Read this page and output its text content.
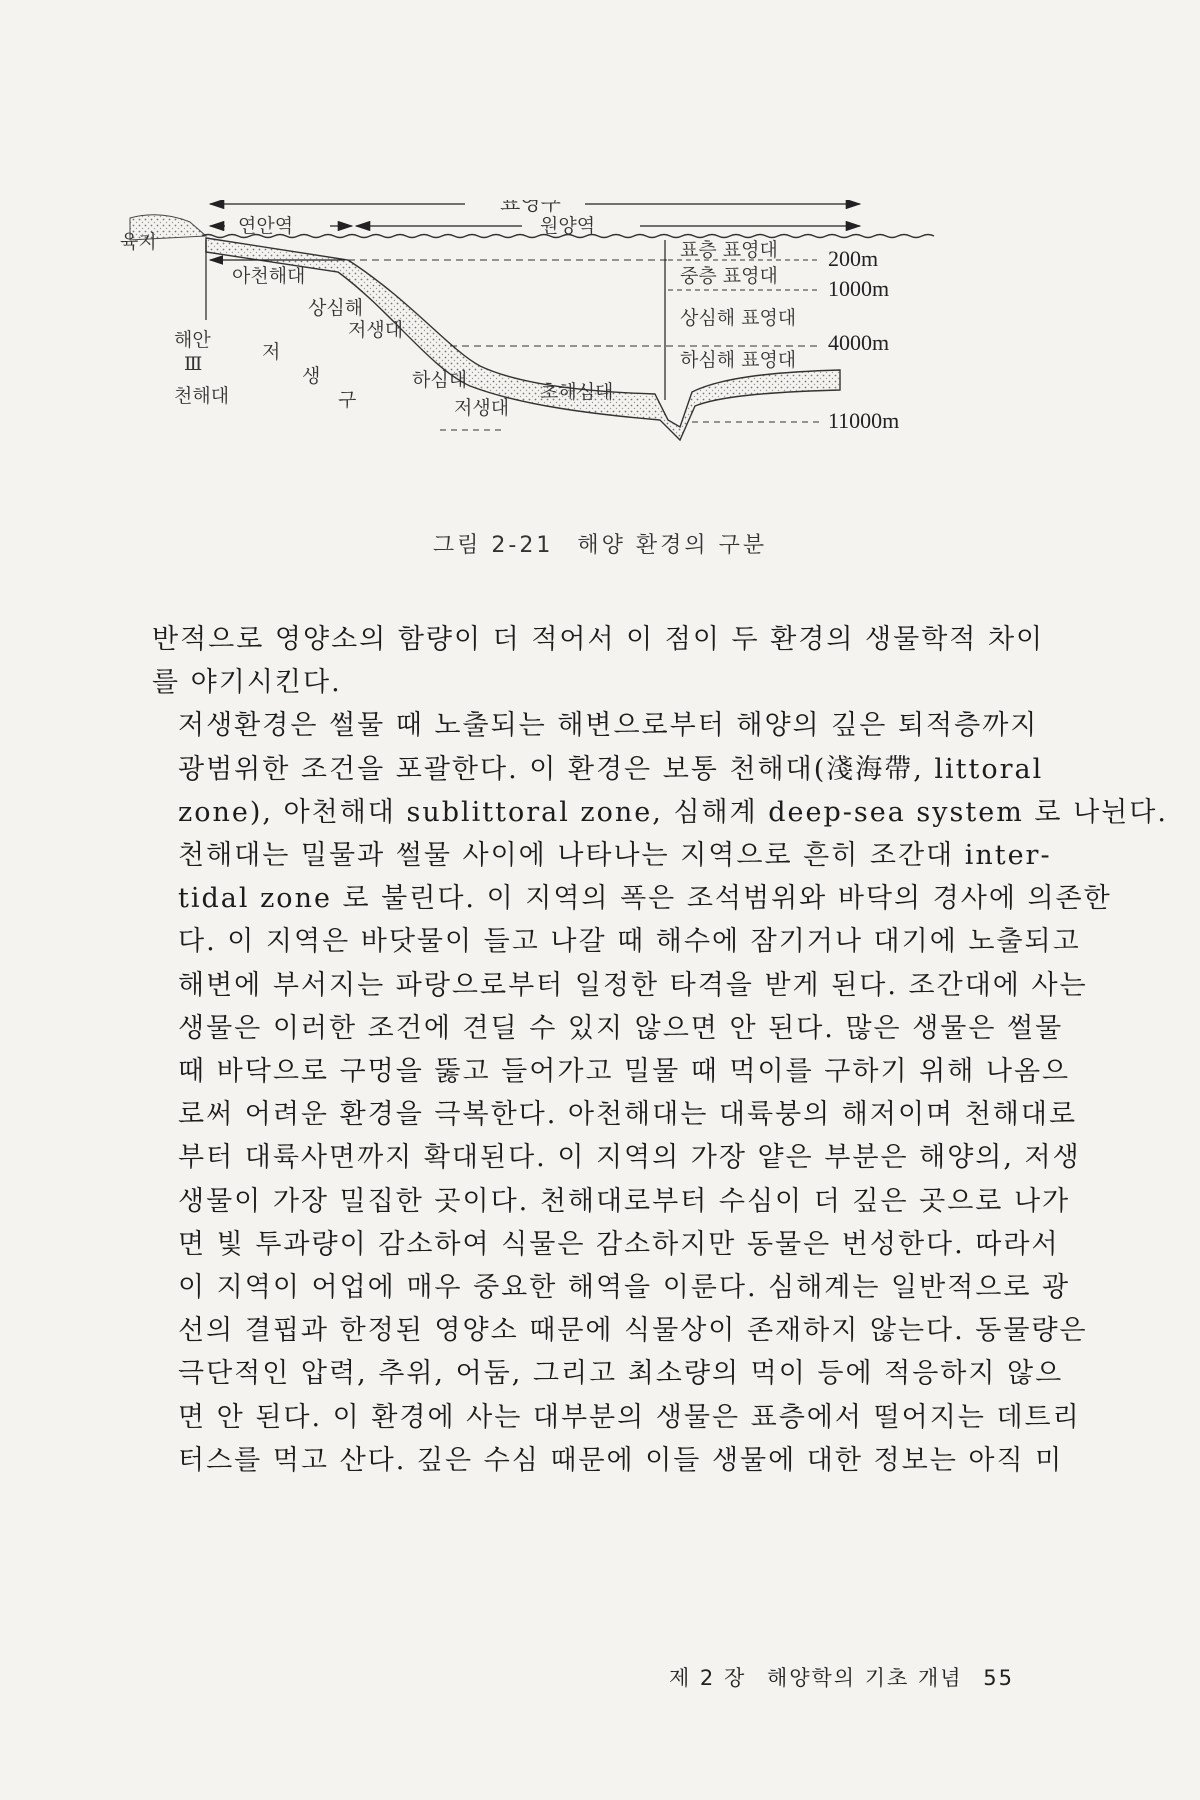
표영구
연안역	원양역
육지
아천해대
표층 표영대
중층 표영대
상심해 표영대
하심해 표영대
200m
1000m
4000m
11000m
상심해
저생대
해안
Ⅲ
천해대
저
생
구
하심대
저생대
초해심대
그림 2-21 해양 환경의 구분

반적으로 영양소의 함량이 더 적어서 이 점이 두 환경의 생물학적 차이
를 야기시킨다.

저생환경은 썰물 때 노출되는 해변으로부터 해양의 깊은 퇴적층까지
광범위한 조건을 포괄한다. 이 환경은 보통 천해대(淺海帶, littoral
zone), 아천해대 sublittoral zone, 심해계 deep-sea system 로 나뉜다.

천해대는 밀물과 썰물 사이에 나타나는 지역으로 흔히 조간대 inter-
tidal zone 로 불린다. 이 지역의 폭은 조석범위와 바닥의 경사에 의존한
다. 이 지역은 바닷물이 들고 나갈 때 해수에 잠기거나 대기에 노출되고
해변에 부서지는 파랑으로부터 일정한 타격을 받게 된다. 조간대에 사는
생물은 이러한 조건에 견딜 수 있지 않으면 안 된다. 많은 생물은 썰물
때 바닥으로 구멍을 뚫고 들어가고 밀물 때 먹이를 구하기 위해 나옴으
로써 어려운 환경을 극복한다. 아천해대는 대륙붕의 해저이며 천해대로
부터 대륙사면까지 확대된다. 이 지역의 가장 얕은 부분은 해양의, 저생
생물이 가장 밀집한 곳이다. 천해대로부터 수심이 더 깊은 곳으로 나가
면 빛 투과량이 감소하여 식물은 감소하지만 동물은 번성한다. 따라서
이 지역이 어업에 매우 중요한 해역을 이룬다. 심해계는 일반적으로 광
선의 결핍과 한정된 영양소 때문에 식물상이 존재하지 않는다. 동물량은
극단적인 압력, 추위, 어둠, 그리고 최소량의 먹이 등에 적응하지 않으
면 안 된다. 이 환경에 사는 대부분의 생물은 표층에서 떨어지는 데트리
터스를 먹고 산다. 깊은 수심 때문에 이들 생물에 대한 정보는 아직 미

제 2 장 해양학의 기초 개념 55
